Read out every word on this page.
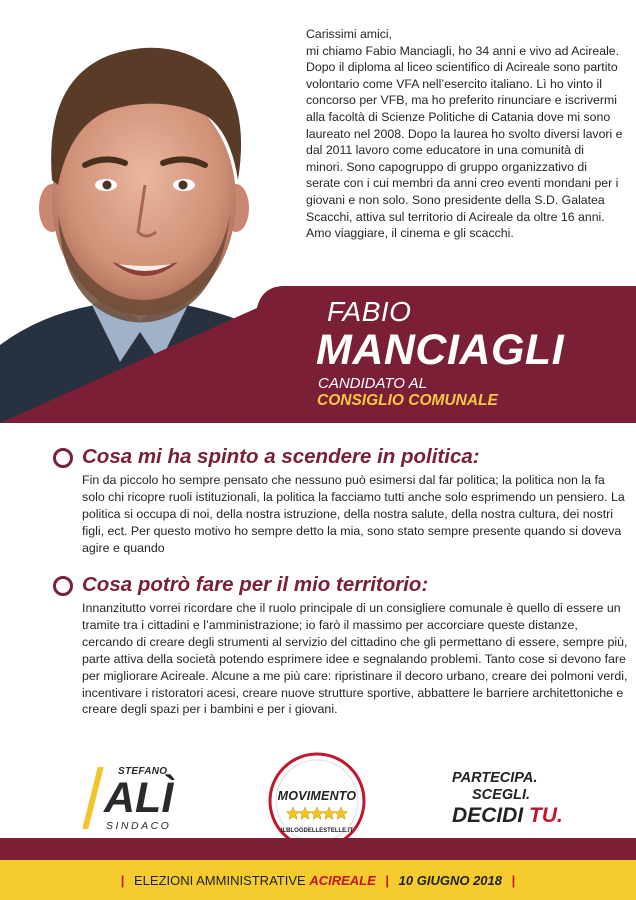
Carissimi amici,

mi chiamo Fabio Manciagli, ho 34 anni e vivo ad Acireale. Dopo il diploma al liceo scientifico di Acireale sono partito volontario come VFA nell’esercito italiano. Lì ho vinto il concorso per VFB, ma ho preferito rinunciare e iscrivermi alla facoltà di Scienze Politiche di Catania dove mi sono laureato nel 2008. Dopo la laurea ho svolto diversi lavori e dal 2011 lavoro come educatore in una comunità di minori. Sono capogruppo di gruppo organizzativo di serate con i cui membri da anni creo eventi mondani per i giovani e non solo. Sono presidente della S.D. Galatea Scacchi, attiva sul territorio di Acireale da oltre 16 anni. Amo viaggiare, il cinema e gli scacchi.

FABIO
MANCIAGLI
CANDIDATO AL
CONSIGLIO COMUNALE
Cosa mi ha spinto a scendere in politica:

Fin da piccolo ho sempre pensato che nessuno può esimersi dal far politica; la politica non la fa solo chi ricopre ruoli istituzionali, la politica la facciamo tutti anche solo esprimendo un pensiero. La politica si occupa di noi, della nostra istruzione, della nostra salute, della nostra cultura, dei nostri figli, ect. Per questo motivo ho sempre detto la mia, sono stato sempre presente quando si doveva agire e quando

Cosa potrò fare per il mio territorio:

Innanzitutto vorrei ricordare che il ruolo principale di un consigliere comunale è quello di essere un tramite tra i cittadini e l’amministrazione; io farò il massimo per accorciare queste distanze, cercando di creare degli strumenti al servizio del cittadino che gli permettano di essere, sempre più, parte attiva della società potendo esprimere idee e segnalando problemi. Tanto cose si devono fare per migliorare Acireale. Alcune a me più care: ripristinare il decoro urbano, creare dei polmoni verdi, incentivare i ristoratori acesi, creare nuove strutture sportive, abbattere le barriere architettoniche e creare degli spazi per i bambini e per i giovani.

STEFANO
ALÌ
SINDACO
MOVIMENTO
ILBLOGDELLESTELLE.IT
PARTECIPA.
SCEGLI.
DECIDI TU.
| ELEZIONI AMMINISTRATIVE ACIREALE | 10 GIUGNO 2018 |
